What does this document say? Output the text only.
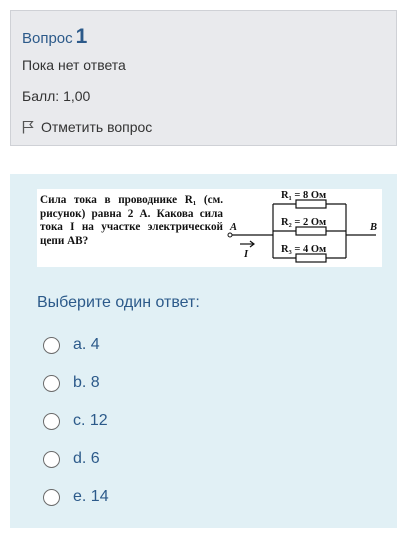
Вопрос 1
Пока нет ответа
Балл: 1,00
Отметить вопрос
Сила тока в проводнике R₁ (см. рисунок) равна 2 А. Какова сила тока I на участке электрической цепи AB?
R₁ = 8 Ом
R₂ = 2 Ом
R₃ = 4 Ом
A	B
I
Выберите один ответ:
a. 4
b. 8
c. 12
d. 6
e. 14
